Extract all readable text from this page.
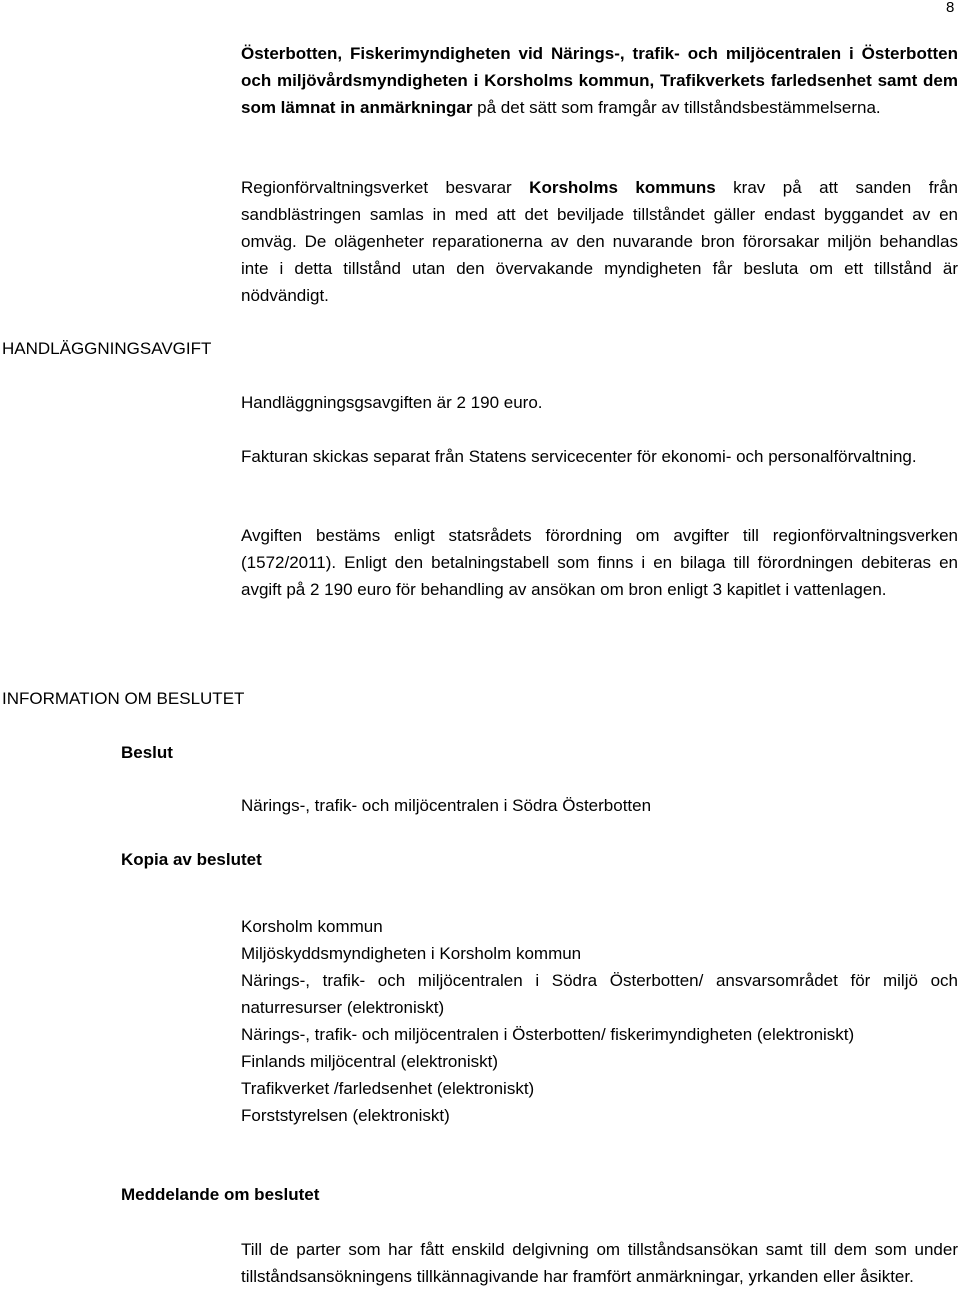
8

Österbotten, Fiskerimyndigheten vid Närings-, trafik- och miljöcentralen i Österbotten och miljövårdsmyndigheten i Korsholms kommun, Trafikverkets farledsenhet samt dem som lämnat in anmärkningar på det sätt som framgår av tillståndsbestämmelserna.

Regionförvaltningsverket besvarar Korsholms kommuns krav på att sanden från sandblästringen samlas in med att det beviljade tillståndet gäller endast byggandet av en omväg. De olägenheter reparationerna av den nuvarande bron förorsakar miljön behandlas inte i detta tillstånd utan den övervakande myndigheten får besluta om ett tillstånd är nödvändigt.

HANDLÄGGNINGSAVGIFT

Handläggningsgsavgiften är 2 190 euro.

Fakturan skickas separat från Statens servicecenter för ekonomi- och personalförvaltning.

Avgiften bestäms enligt statsrådets förordning om avgifter till regionförvaltningsverken (1572/2011). Enligt den betalningstabell som finns i en bilaga till förordningen debiteras en avgift på 2 190 euro för behandling av ansökan om bron enligt 3 kapitlet i vattenlagen.

INFORMATION OM BESLUTET
Beslut

Närings-, trafik- och miljöcentralen i Södra Österbotten

Kopia av beslutet
Korsholm kommun
Miljöskyddsmyndigheten i Korsholm kommun
Närings-, trafik- och miljöcentralen i Södra Österbotten/ ansvarsområdet för miljö och naturresurser (elektroniskt)
Närings-, trafik- och miljöcentralen i Österbotten/ fiskerimyndigheten (elektroniskt)
Finlands miljöcentral (elektroniskt)
Trafikverket /farledsenhet (elektroniskt)
Forststyrelsen (elektroniskt)
Meddelande om beslutet

Till de parter som har fått enskild delgivning om tillståndsansökan samt till dem som under tillståndsansökningens tillkännagivande har framfört anmärkningar, yrkanden eller åsikter.
